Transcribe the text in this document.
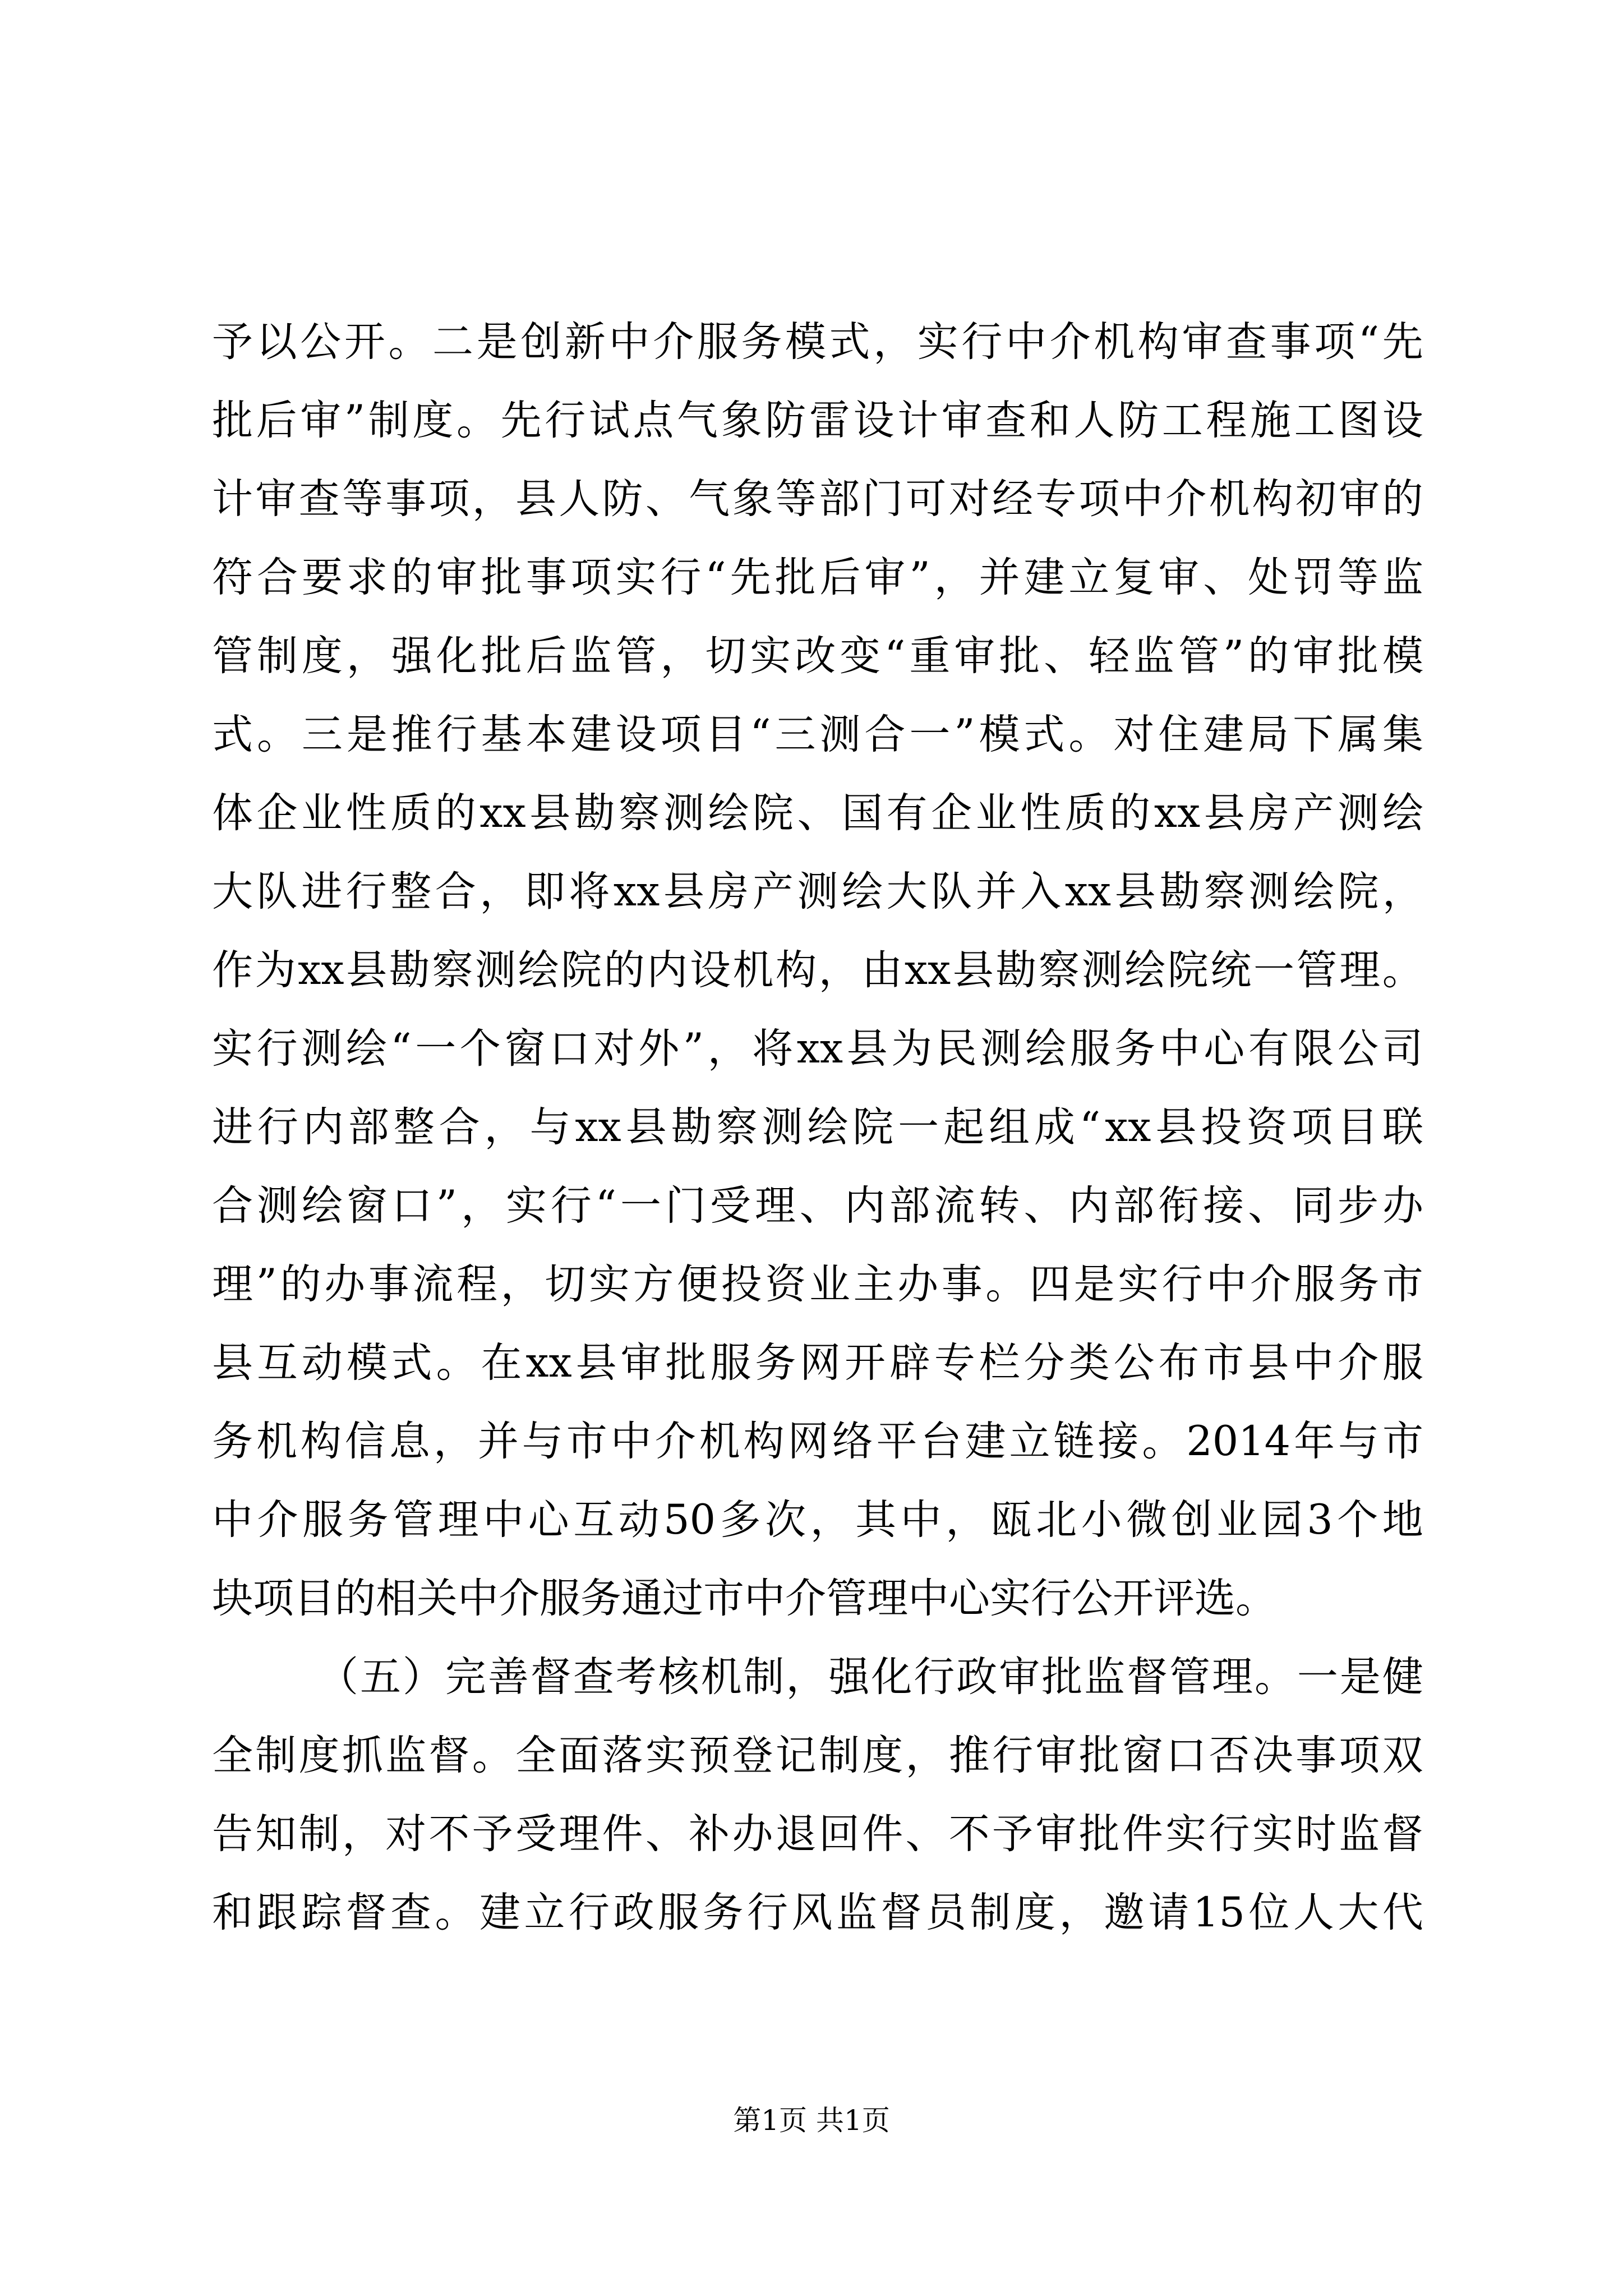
予 以 公 开 。 二 是 创 新 中 介 服 务 模 式 ， 实 行 中 介 机 构 审 查 事 项 “ 先
批 后 审 ” 制 度 。 先 行 试 点 气 象 防 雷 设 计 审 查 和 人 防 工 程 施 工 图 设
计 审 查 等 事 项 ， 县 人 防 、 气 象 等 部 门 可 对 经 专 项 中 介 机 构 初 审 的
符 合 要 求 的 审 批 事 项 实 行 “ 先 批 后 审 ” ， 并 建 立 复 审 、 处 罚 等 监
管 制 度 ， 强 化 批 后 监 管 ， 切 实 改 变 “ 重 审 批 、 轻 监 管 ” 的 审 批 模
式 。 三 是 推 行 基 本 建 设 项 目 “ 三 测 合 一 ” 模 式 。 对 住 建 局 下 属 集
体 企 业 性 质 的 xx 县 勘 察 测 绘 院 、 国 有 企 业 性 质 的 xx 县 房 产 测 绘
大 队 进 行 整 合 ， 即 将 xx 县 房 产 测 绘 大 队 并 入 xx 县 勘 察 测 绘 院 ，
作 为 xx 县 勘 察 测 绘 院 的 内 设 机 构 ， 由 xx 县 勘 察 测 绘 院 统 一 管 理 。
实 行 测 绘 “ 一 个 窗 口 对 外 ” ， 将 xx 县 为 民 测 绘 服 务 中 心 有 限 公 司
进 行 内 部 整 合 ， 与 xx 县 勘 察 测 绘 院 一 起 组 成 “ xx 县 投 资 项 目 联
合 测 绘 窗 口 ” ， 实 行 “ 一 门 受 理 、 内 部 流 转 、 内 部 衔 接 、 同 步 办
理 ” 的 办 事 流 程 ， 切 实 方 便 投 资 业 主 办 事 。 四 是 实 行 中 介 服 务 市
县 互 动 模 式 。 在 xx 县 审 批 服 务 网 开 辟 专 栏 分 类 公 布 市 县 中 介 服
务 机 构 信 息 ， 并 与 市 中 介 机 构 网 络 平 台 建 立 链 接 。 2014 年 与 市
中 介 服 务 管 理 中 心 互 动 50 多 次 ， 其 中 ， 瓯 北 小 微 创 业 园 3 个 地
块 项 目 的 相 关 中 介 服 务 通 过 市 中 介 管 理 中 心 实 行 公 开 评 选 。
（ 五 ） 完 善 督 查 考 核 机 制 ， 强 化 行 政 审 批 监 督 管 理 。 一 是 健
全 制 度 抓 监 督 。 全 面 落 实 预 登 记 制 度 ， 推 行 审 批 窗 口 否 决 事 项 双
告 知 制 ， 对 不 予 受 理 件 、 补 办 退 回 件 、 不 予 审 批 件 实 行 实 时 监 督
和 跟 踪 督 查 。 建 立 行 政 服 务 行 风 监 督 员 制 度 ， 邀 请 15 位 人 大 代
第1页 共1页
